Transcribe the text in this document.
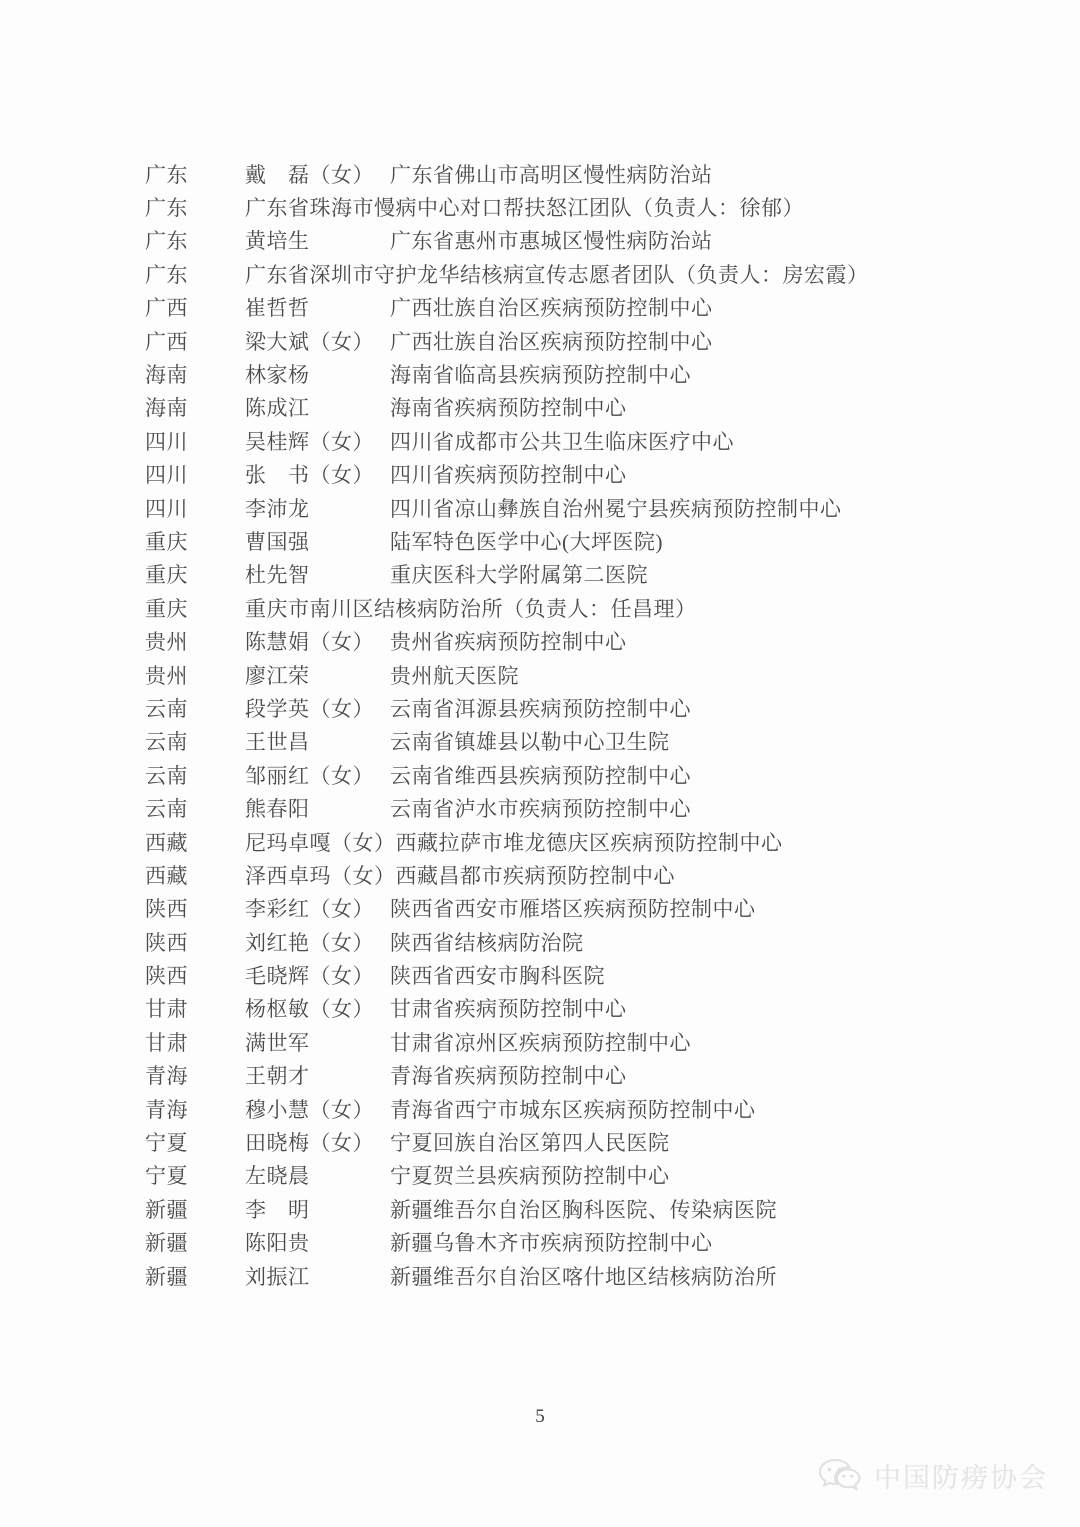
广东	戴　磊（女） 广东省佛山市高明区慢性病防治站
广东	广东省珠海市慢病中心对口帮扶怒江团队（负责人：徐郁）
广东	黄培生	广东省惠州市惠城区慢性病防治站
广东	广东省深圳市守护龙华结核病宣传志愿者团队（负责人：房宏霞）
广西	崔哲哲	广西壮族自治区疾病预防控制中心
广西	梁大斌（女） 广西壮族自治区疾病预防控制中心
海南	林家杨	海南省临高县疾病预防控制中心
海南	陈成江	海南省疾病预防控制中心
四川	吴桂辉（女） 四川省成都市公共卫生临床医疗中心
四川	张　书（女） 四川省疾病预防控制中心
四川	李沛龙	四川省凉山彝族自治州冕宁县疾病预防控制中心
重庆	曹国强	陆军特色医学中心(大坪医院)
重庆	杜先智	重庆医科大学附属第二医院
重庆	重庆市南川区结核病防治所（负责人：任昌理）
贵州	陈慧娟（女） 贵州省疾病预防控制中心
贵州	廖江荣	贵州航天医院
云南	段学英（女） 云南省洱源县疾病预防控制中心
云南	王世昌	云南省镇雄县以勒中心卫生院
云南	邹丽红（女） 云南省维西县疾病预防控制中心
云南	熊春阳	云南省泸水市疾病预防控制中心
西藏	尼玛卓嘎（女） 西藏拉萨市堆龙德庆区疾病预防控制中心
西藏	泽西卓玛（女） 西藏昌都市疾病预防控制中心
陕西	李彩红（女） 陕西省西安市雁塔区疾病预防控制中心
陕西	刘红艳（女） 陕西省结核病防治院
陕西	毛晓辉（女） 陕西省西安市胸科医院
甘肃	杨枢敏（女） 甘肃省疾病预防控制中心
甘肃	满世军	甘肃省凉州区疾病预防控制中心
青海	王朝才	青海省疾病预防控制中心
青海	穆小慧（女） 青海省西宁市城东区疾病预防控制中心
宁夏	田晓梅（女） 宁夏回族自治区第四人民医院
宁夏	左晓晨	宁夏贺兰县疾病预防控制中心
新疆	李　明	新疆维吾尔自治区胸科医院、传染病医院
新疆	陈阳贵	新疆乌鲁木齐市疾病预防控制中心
新疆	刘振江	新疆维吾尔自治区喀什地区结核病防治所
5
中国防痨协会
